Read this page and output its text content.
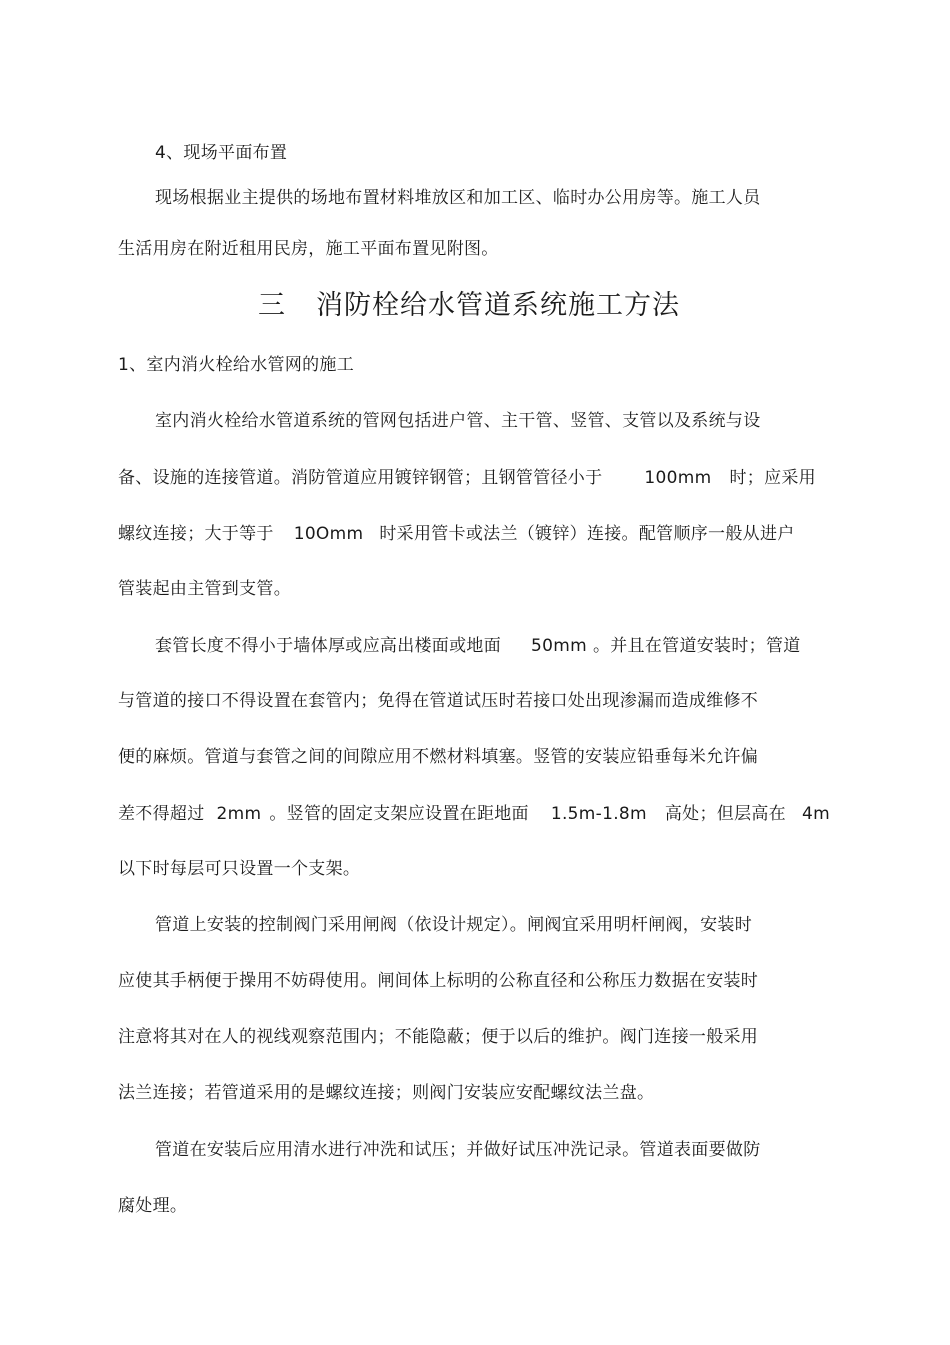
4、现场平面布置
现场根据业主提供的场地布置材料堆放区和加工区、临时办公用房等。施工人员
生活用房在附近租用民房，施工平面布置见附图。
三 消防栓给水管道系统施工方法
1、室内消火栓给水管网的施工
室内消火栓给水管道系统的管网包括进户管、主干管、竖管、支管以及系统与设
备、设施的连接管道。消防管道应用镀锌钢管；且钢管管径小于 100mm 时；应采用
螺纹连接；大于等于 10Omm 时采用管卡或法兰（镀锌）连接。配管顺序一般从进户
管装起由主管到支管。
套管长度不得小于墙体厚或应高出楼面或地面 50mm 。并且在管道安装时；管道
与管道的接口不得设置在套管内；免得在管道试压时若接口处出现渗漏而造成维修不
便的麻烦。管道与套管之间的间隙应用不燃材料填塞。竖管的安装应铅垂每米允许偏
差不得超过 2mm 。竖管的固定支架应设置在距地面 1.5m-1.8m 高处；但层高在 4m
以下时每层可只设置一个支架。
管道上安装的控制阀门采用闸阀（依设计规定）。闸阀宜采用明杆闸阀，安装时
应使其手柄便于操用不妨碍使用。闸间体上标明的公称直径和公称压力数据在安装时
注意将其对在人的视线观察范围内；不能隐蔽；便于以后的维护。阀门连接一般采用
法兰连接；若管道采用的是螺纹连接；则阀门安装应安配螺纹法兰盘。
管道在安装后应用清水进行冲洗和试压；并做好试压冲洗记录。管道表面要做防
腐处理。
